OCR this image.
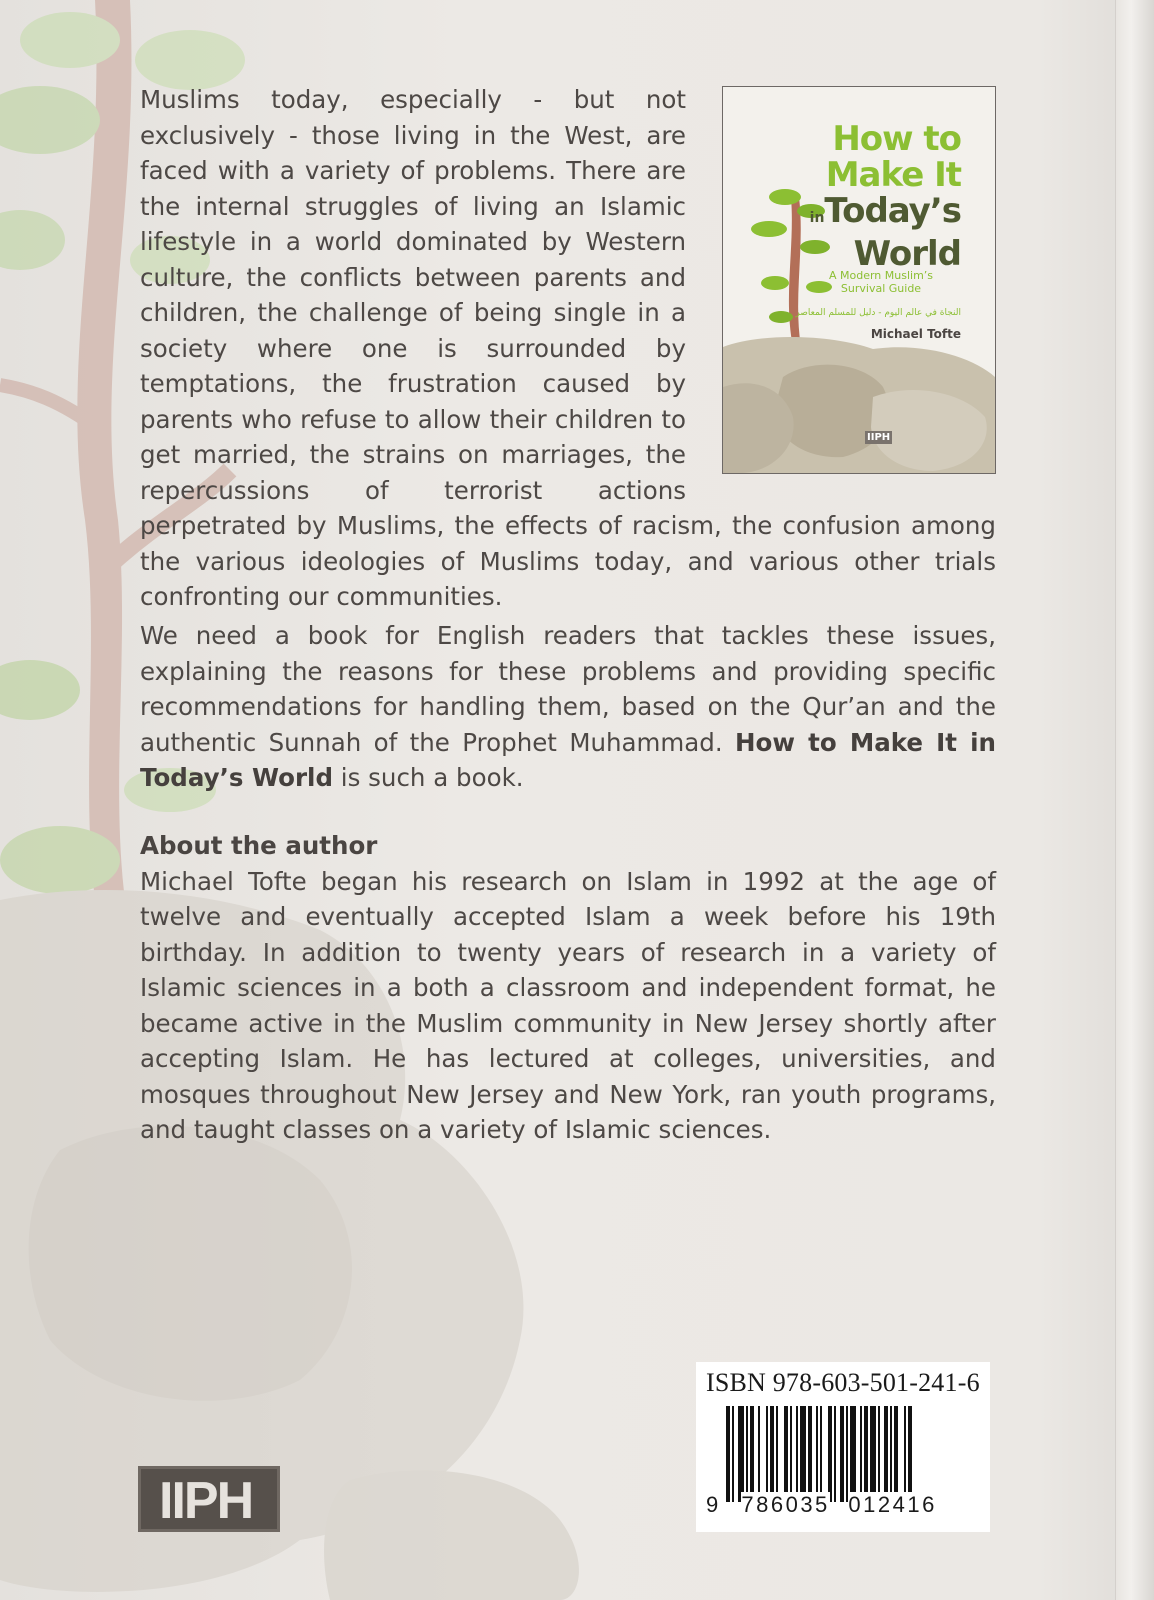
Muslims today, especially - but not exclusively - those living in the West, are faced with a variety of problems. There are the internal struggles of living an Islamic lifestyle in a world dominated by Western culture, the conflicts between parents and children, the challenge of being single in a society where one is surrounded by temptations, the frustration caused by parents who refuse to allow their children to get married, the strains on marriages, the repercussions of terrorist actions perpetrated by Muslims, the effects of racism, the confusion among the various ideologies of Muslims today, and various other trials confronting our communities.
How to
Make It
inToday’s
World
A Modern Muslim’s
Survival Guide
النجاة في عالم اليوم - دليل للمسلم المعاصر
Michael Tofte
IIPH
We need a book for English readers that tackles these issues, explaining the reasons for these problems and providing specific recommendations for handling them, based on the Qur’an and the authentic Sunnah of the Prophet Muhammad. How to Make It in Today’s World is such a book.
About the author
Michael Tofte began his research on Islam in 1992 at the age of twelve and eventually accepted Islam a week before his 19th birthday. In addition to twenty years of research in a variety of Islamic sciences in a both a classroom and independent format, he became active in the Muslim community in New Jersey shortly after accepting Islam. He has lectured at colleges, universities, and mosques throughout New Jersey and New York, ran youth programs, and taught classes on a variety of Islamic sciences.
ISBN 978-603-501-241-6
9 786035 012416
IIPH
